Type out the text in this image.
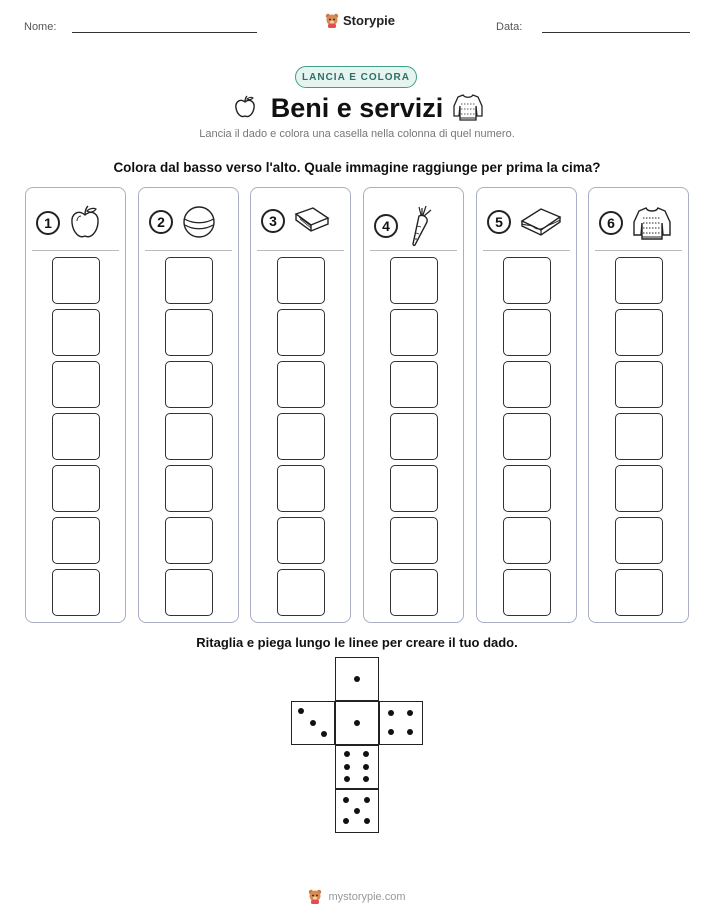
Nome:	Storypie	Data:
LANCIA E COLORA
Beni e servizi
Lancia il dado e colora una casella nella colonna di quel numero.
Colora dal basso verso l'alto. Quale immagine raggiunge per prima la cima?
1	2	3	4	5	6
Ritaglia e piega lungo le linee per creare il tuo dado.
mystorypie.com
